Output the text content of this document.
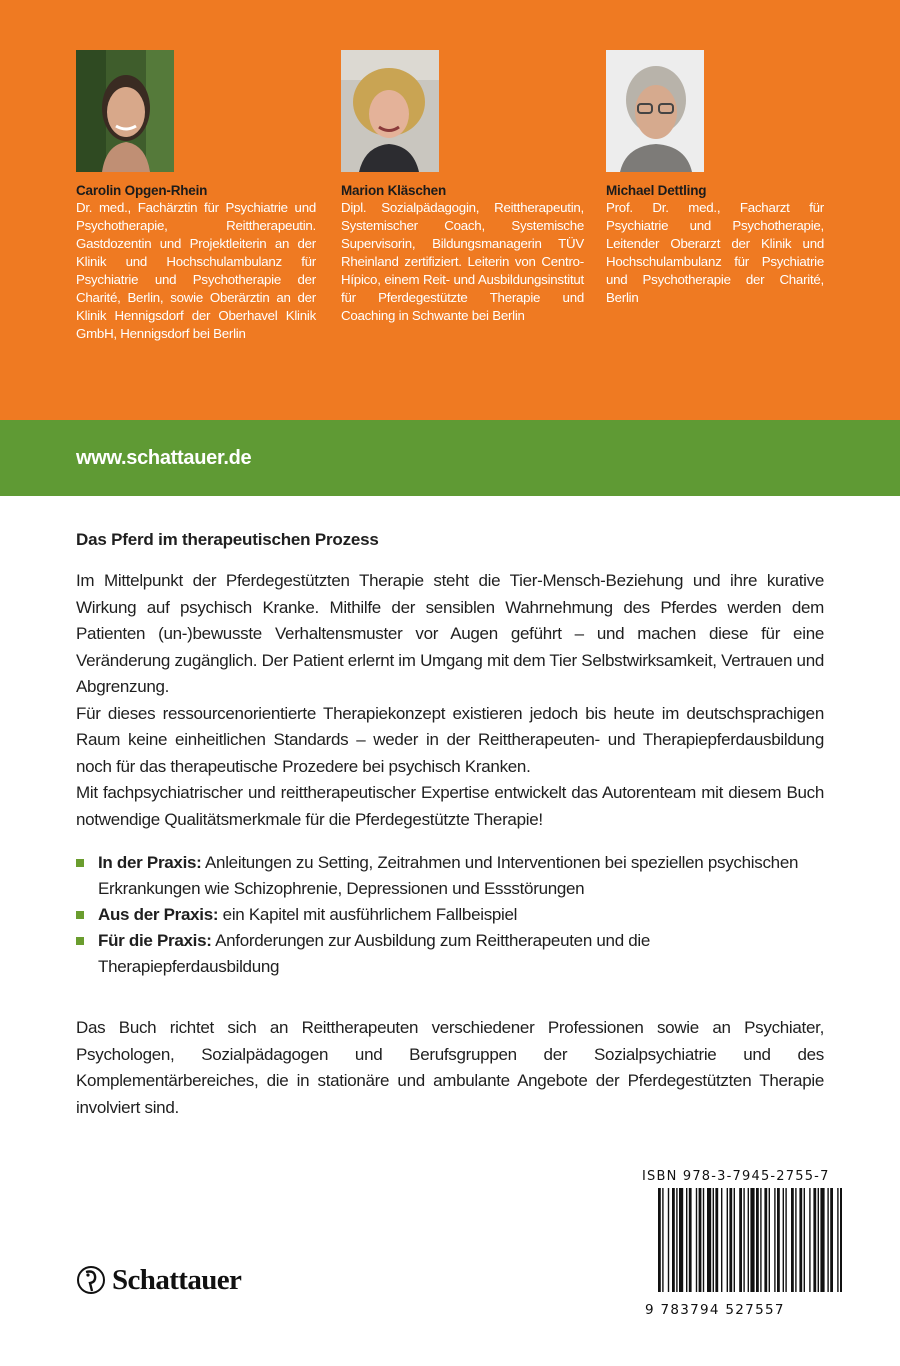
Carolin Opgen-Rhein
Dr. med., Fachärztin für Psychiatrie und Psychotherapie, Reittherapeutin. Gastdozentin und Projektleiterin an der Klinik und Hochschulambulanz für Psychiatrie und Psychotherapie der Charité, Berlin, sowie Oberärztin an der Klinik Hennigsdorf der Oberhavel Klinik GmbH, Hennigsdorf bei Berlin
Marion Kläschen
Dipl. Sozialpädagogin, Reittherapeutin, Systemischer Coach, Systemische Supervisorin, Bildungsmanagerin TÜV Rheinland zertifiziert. Leiterin von Centro-Hípico, einem Reit- und Ausbildungsinstitut für Pferdegestützte Therapie und Coaching in Schwante bei Berlin
Michael Dettling
Prof. Dr. med., Facharzt für Psychiatrie und Psychotherapie, Leitender Oberarzt der Klinik und Hochschulambulanz für Psychiatrie und Psychotherapie der Charité, Berlin
www.schattauer.de
Das Pferd im therapeutischen Prozess

Im Mittelpunkt der Pferdegestützten Therapie steht die Tier-Mensch-Beziehung und ihre kurative Wirkung auf psychisch Kranke. Mithilfe der sensiblen Wahrnehmung des Pferdes werden dem Patienten (un-)bewusste Verhaltensmuster vor Augen geführt – und machen diese für eine Veränderung zugänglich. Der Patient erlernt im Umgang mit dem Tier Selbstwirksamkeit, Vertrauen und Abgrenzung.

Für dieses ressourcenorientierte Therapiekonzept existieren jedoch bis heute im deutschsprachigen Raum keine einheitlichen Standards – weder in der Reittherapeuten- und Therapiepferdausbildung noch für das therapeutische Prozedere bei psychisch Kranken.

Mit fachpsychiatrischer und reittherapeutischer Expertise entwickelt das Autorenteam mit diesem Buch notwendige Qualitätsmerkmale für die Pferdegestützte Therapie!

In der Praxis: Anleitungen zu Setting, Zeitrahmen und Interventionen bei speziellen psychischen Erkrankungen wie Schizophrenie, Depressionen und Essstörungen
Aus der Praxis: ein Kapitel mit ausführlichem Fallbeispiel
Für die Praxis: Anforderungen zur Ausbildung zum Reittherapeuten und die Therapiepferdausbildung
Das Buch richtet sich an Reittherapeuten verschiedener Professionen sowie an Psychiater, Psychologen, Sozialpädagogen und Berufsgruppen der Sozialpsychiatrie und des Komplementärbereiches, die in stationäre und ambulante Angebote der Pferdegestützten Therapie involviert sind.
Schattauer
ISBN 978-3-7945-2755-7
9 783794 527557
